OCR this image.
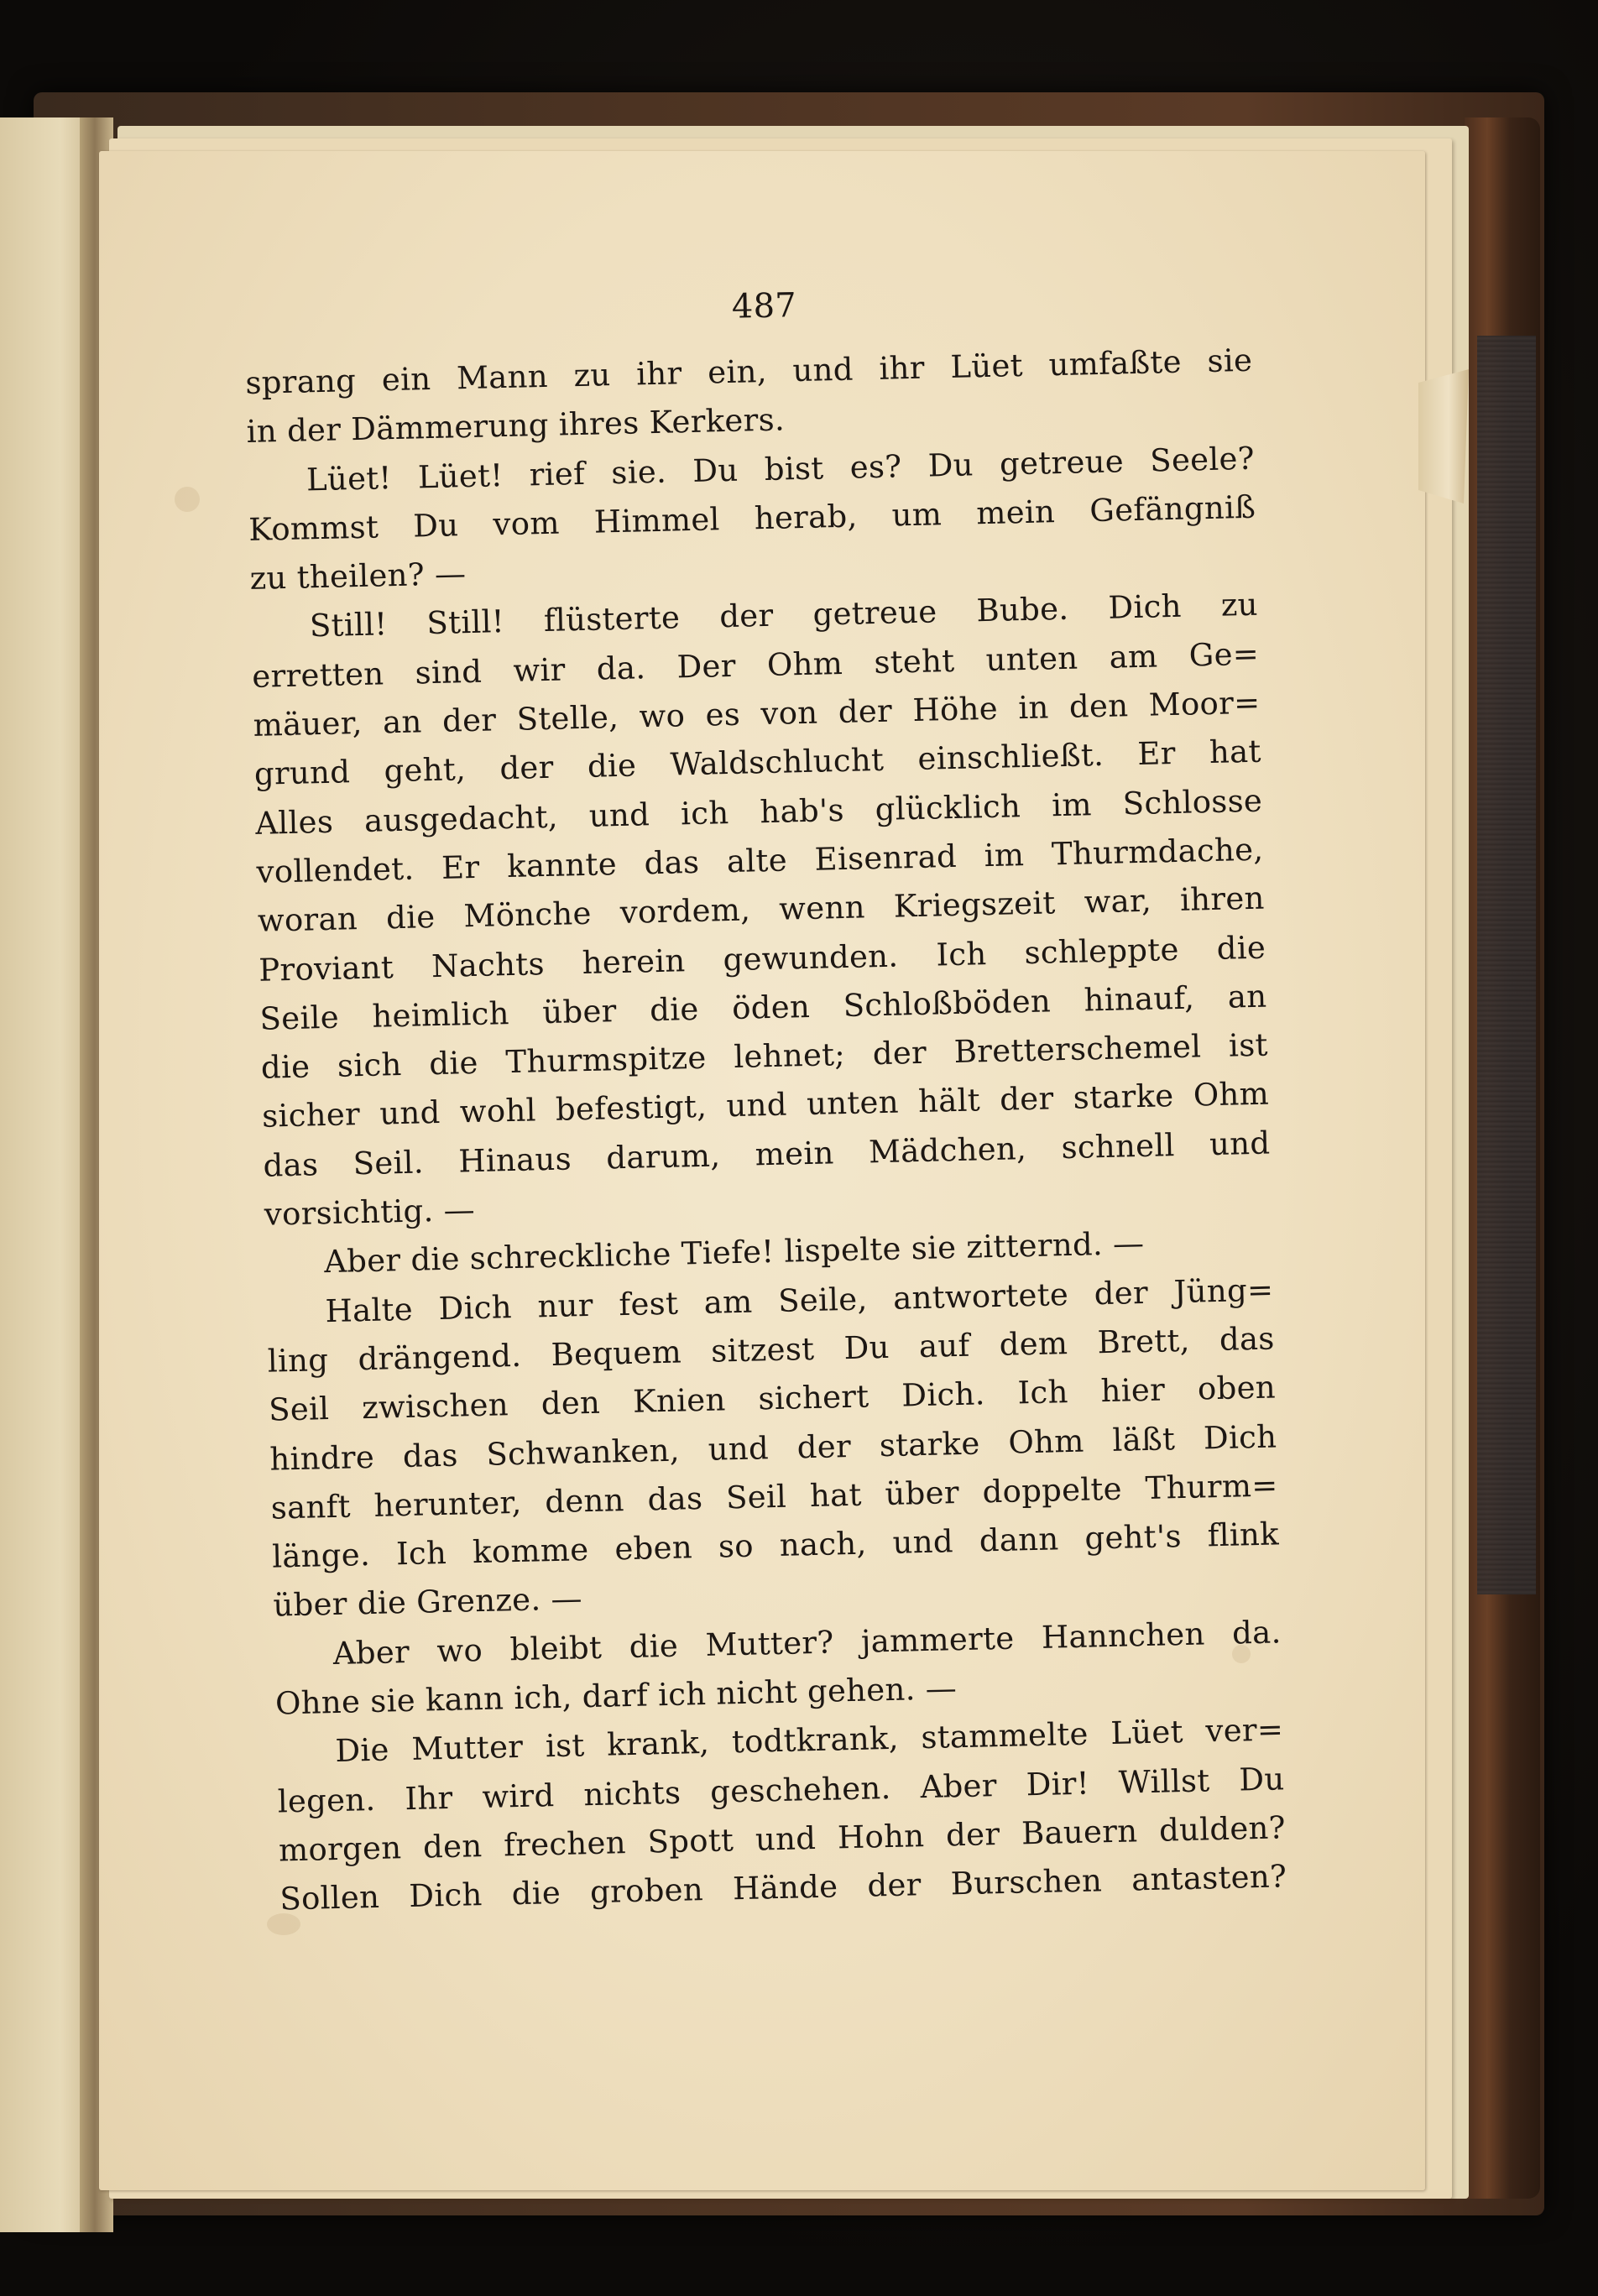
487
sprang ein Mann zu ihr ein, und ihr Lüet umfaßte sie
in der Dämmerung ihres Kerkers.
Lüet! Lüet! rief sie. Du bist es? Du getreue Seele?
Kommst Du vom Himmel herab, um mein Gefängniß
zu theilen? —
Still! Still! flüsterte der getreue Bube. Dich zu
erretten sind wir da. Der Ohm steht unten am Ge=
mäuer, an der Stelle, wo es von der Höhe in den Moor=
grund geht, der die Waldschlucht einschließt. Er hat
Alles ausgedacht, und ich hab's glücklich im Schlosse
vollendet. Er kannte das alte Eisenrad im Thurmdache,
woran die Mönche vordem, wenn Kriegszeit war, ihren
Proviant Nachts herein gewunden. Ich schleppte die
Seile heimlich über die öden Schloßböden hinauf, an
die sich die Thurmspitze lehnet; der Bretterschemel ist
sicher und wohl befestigt, und unten hält der starke Ohm
das Seil. Hinaus darum, mein Mädchen, schnell und
vorsichtig. —
Aber die schreckliche Tiefe! lispelte sie zitternd. —
Halte Dich nur fest am Seile, antwortete der Jüng=
ling drängend. Bequem sitzest Du auf dem Brett, das
Seil zwischen den Knien sichert Dich. Ich hier oben
hindre das Schwanken, und der starke Ohm läßt Dich
sanft herunter, denn das Seil hat über doppelte Thurm=
länge. Ich komme eben so nach, und dann geht's flink
über die Grenze. —
Aber wo bleibt die Mutter? jammerte Hannchen da.
Ohne sie kann ich, darf ich nicht gehen. —
Die Mutter ist krank, todtkrank, stammelte Lüet ver=
legen. Ihr wird nichts geschehen. Aber Dir! Willst Du
morgen den frechen Spott und Hohn der Bauern dulden?
Sollen Dich die groben Hände der Burschen antasten?
